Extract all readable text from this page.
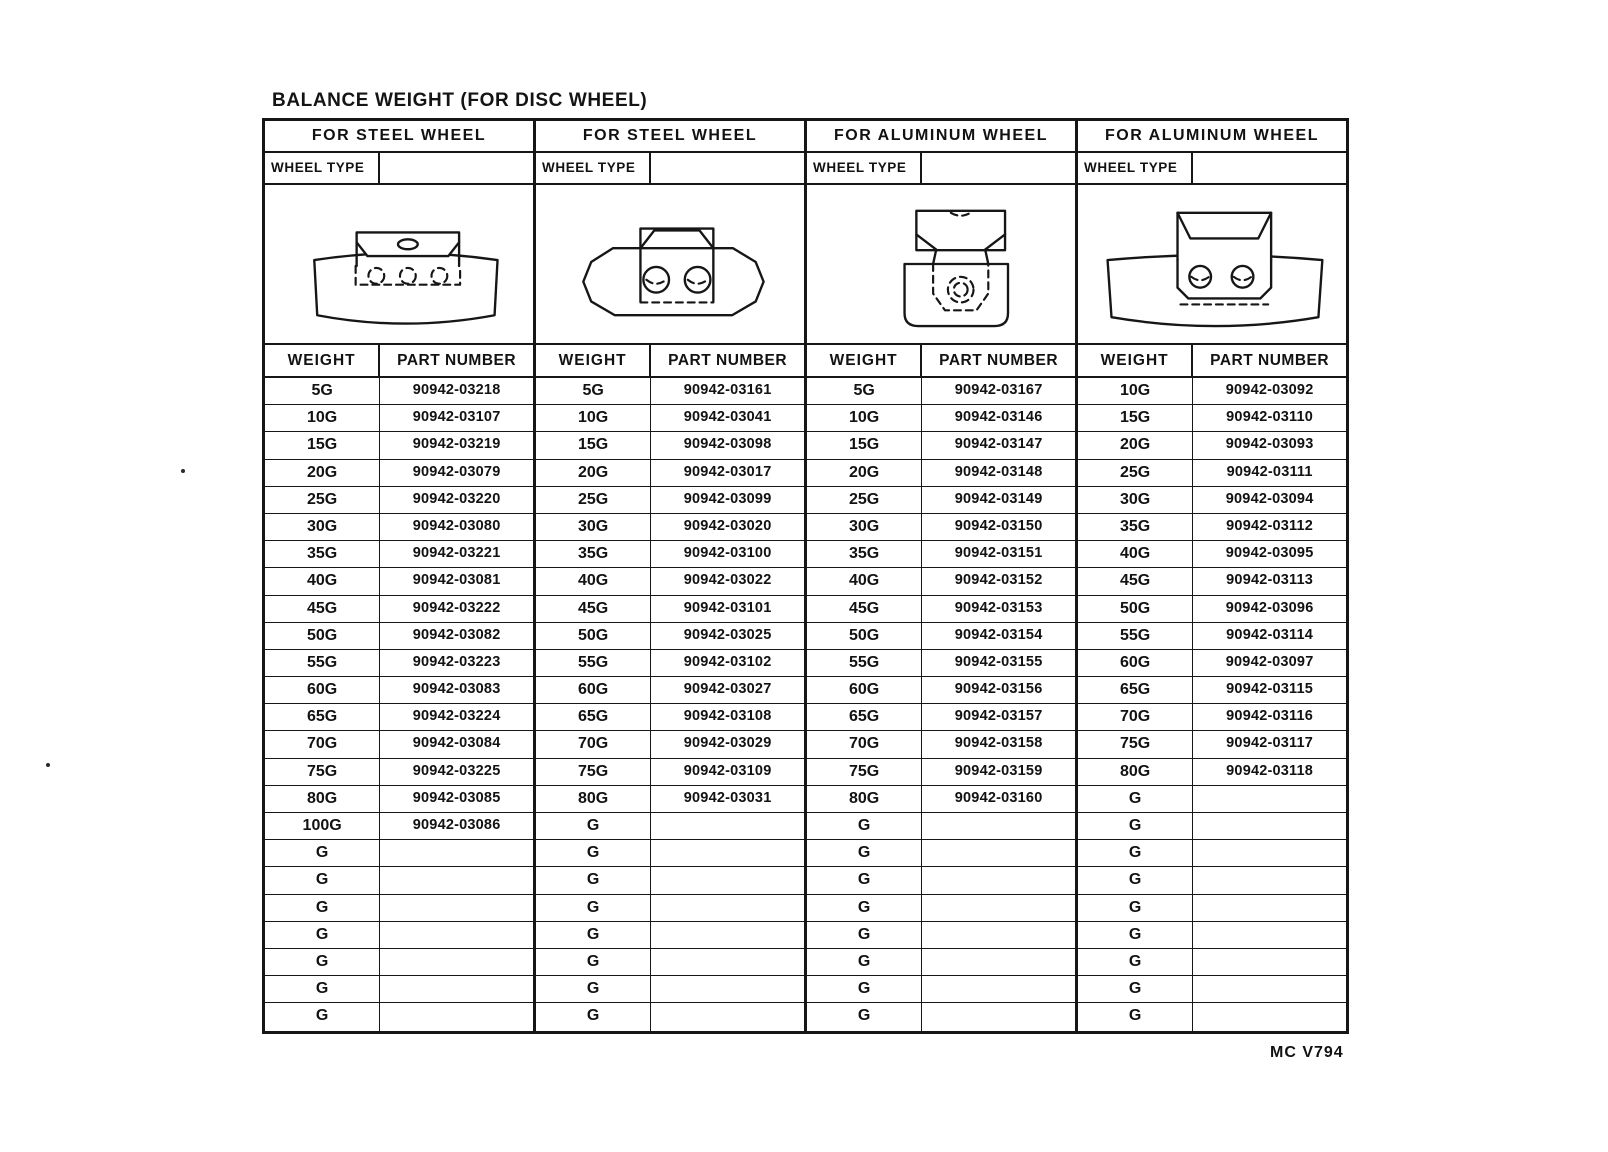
BALANCE WEIGHT (FOR DISC WHEEL)
FOR STEEL WHEEL
WHEEL TYPE
WEIGHT	PART NUMBER
5G	90942-03218
10G	90942-03107
15G	90942-03219
20G	90942-03079
25G	90942-03220
30G	90942-03080
35G	90942-03221
40G	90942-03081
45G	90942-03222
50G	90942-03082
55G	90942-03223
60G	90942-03083
65G	90942-03224
70G	90942-03084
75G	90942-03225
80G	90942-03085
100G	90942-03086
G
G
G
G
G
G
G
FOR STEEL WHEEL
WHEEL TYPE
WEIGHT	PART NUMBER
5G	90942-03161
10G	90942-03041
15G	90942-03098
20G	90942-03017
25G	90942-03099
30G	90942-03020
35G	90942-03100
40G	90942-03022
45G	90942-03101
50G	90942-03025
55G	90942-03102
60G	90942-03027
65G	90942-03108
70G	90942-03029
75G	90942-03109
80G	90942-03031
G
G
G
G
G
G
G
G
FOR ALUMINUM WHEEL
WHEEL TYPE
WEIGHT	PART NUMBER
5G	90942-03167
10G	90942-03146
15G	90942-03147
20G	90942-03148
25G	90942-03149
30G	90942-03150
35G	90942-03151
40G	90942-03152
45G	90942-03153
50G	90942-03154
55G	90942-03155
60G	90942-03156
65G	90942-03157
70G	90942-03158
75G	90942-03159
80G	90942-03160
G
G
G
G
G
G
G
G
FOR ALUMINUM WHEEL
WHEEL TYPE
WEIGHT	PART NUMBER
10G	90942-03092
15G	90942-03110
20G	90942-03093
25G	90942-03111
30G	90942-03094
35G	90942-03112
40G	90942-03095
45G	90942-03113
50G	90942-03096
55G	90942-03114
60G	90942-03097
65G	90942-03115
70G	90942-03116
75G	90942-03117
80G	90942-03118
G
G
G
G
G
G
G
G
G
MC V794
